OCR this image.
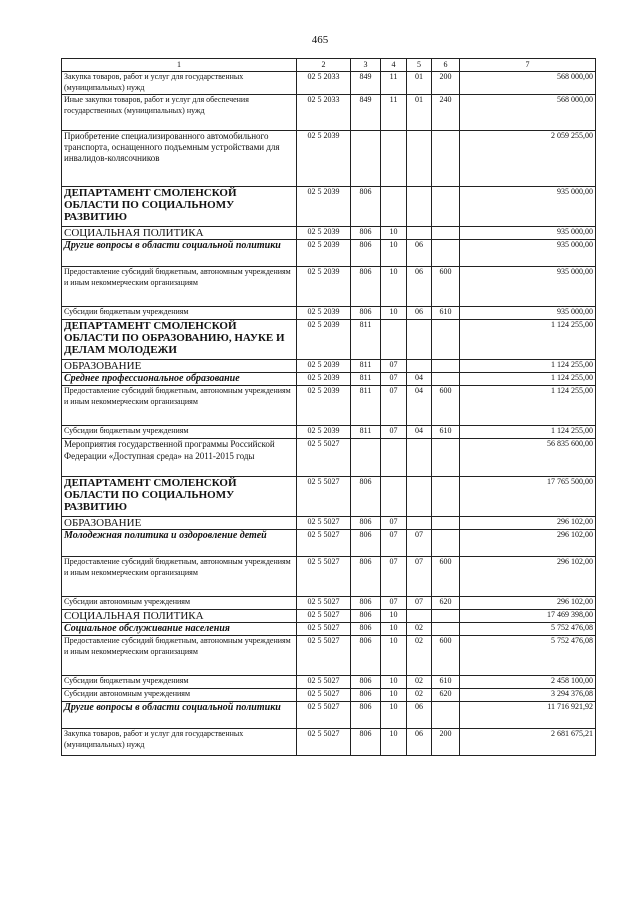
465
1	2	3	4	5	6	7
Закупка товаров, работ и услуг для государственных (муниципальных) нужд	02 5 2033	849	11	01	200	568 000,00
Иные закупки товаров, работ и услуг для обеспечения государственных (муниципальных) нужд	02 5 2033	849	11	01	240	568 000,00
Приобретение специализированного автомобильного транспорта, оснащенного подъемным устройствами для инвалидов-колясочников	02 5 2039					2 059 255,00
ДЕПАРТАМЕНТ СМОЛЕНСКОЙ ОБЛАСТИ ПО СОЦИАЛЬНОМУ РАЗВИТИЮ	02 5 2039	806				935 000,00
СОЦИАЛЬНАЯ ПОЛИТИКА	02 5 2039	806	10			935 000,00
Другие вопросы в области социальной политики	02 5 2039	806	10	06		935 000,00
Предоставление субсидий бюджетным, автономным учреждениям и иным некоммерческим организациям	02 5 2039	806	10	06	600	935 000,00
Субсидии бюджетным учреждениям	02 5 2039	806	10	06	610	935 000,00
ДЕПАРТАМЕНТ СМОЛЕНСКОЙ ОБЛАСТИ ПО ОБРАЗОВАНИЮ, НАУКЕ И ДЕЛАМ МОЛОДЕЖИ	02 5 2039	811				1 124 255,00
ОБРАЗОВАНИЕ	02 5 2039	811	07			1 124 255,00
Среднее профессиональное образование	02 5 2039	811	07	04		1 124 255,00
Предоставление субсидий бюджетным, автономным учреждениям и иным некоммерческим организациям	02 5 2039	811	07	04	600	1 124 255,00
Субсидии бюджетным учреждениям	02 5 2039	811	07	04	610	1 124 255,00
Мероприятия государственной программы Российской Федерации «Доступная среда» на 2011-2015 годы	02 5 5027					56 835 600,00
ДЕПАРТАМЕНТ СМОЛЕНСКОЙ ОБЛАСТИ ПО СОЦИАЛЬНОМУ РАЗВИТИЮ	02 5 5027	806				17 765 500,00
ОБРАЗОВАНИЕ	02 5 5027	806	07			296 102,00
Молодежная политика и оздоровление детей	02 5 5027	806	07	07		296 102,00
Предоставление субсидий бюджетным, автономным учреждениям и иным некоммерческим организациям	02 5 5027	806	07	07	600	296 102,00
Субсидии автономным учреждениям	02 5 5027	806	07	07	620	296 102,00
СОЦИАЛЬНАЯ ПОЛИТИКА	02 5 5027	806	10			17 469 398,00
Социальное обслуживание населения	02 5 5027	806	10	02		5 752 476,08
Предоставление субсидий бюджетным, автономным учреждениям и иным некоммерческим организациям	02 5 5027	806	10	02	600	5 752 476,08
Субсидии бюджетным учреждениям	02 5 5027	806	10	02	610	2 458 100,00
Субсидии автономным учреждениям	02 5 5027	806	10	02	620	3 294 376,08
Другие вопросы в области социальной политики	02 5 5027	806	10	06		11 716 921,92
Закупка товаров, работ и услуг для государственных (муниципальных) нужд	02 5 5027	806	10	06	200	2 681 675,21
